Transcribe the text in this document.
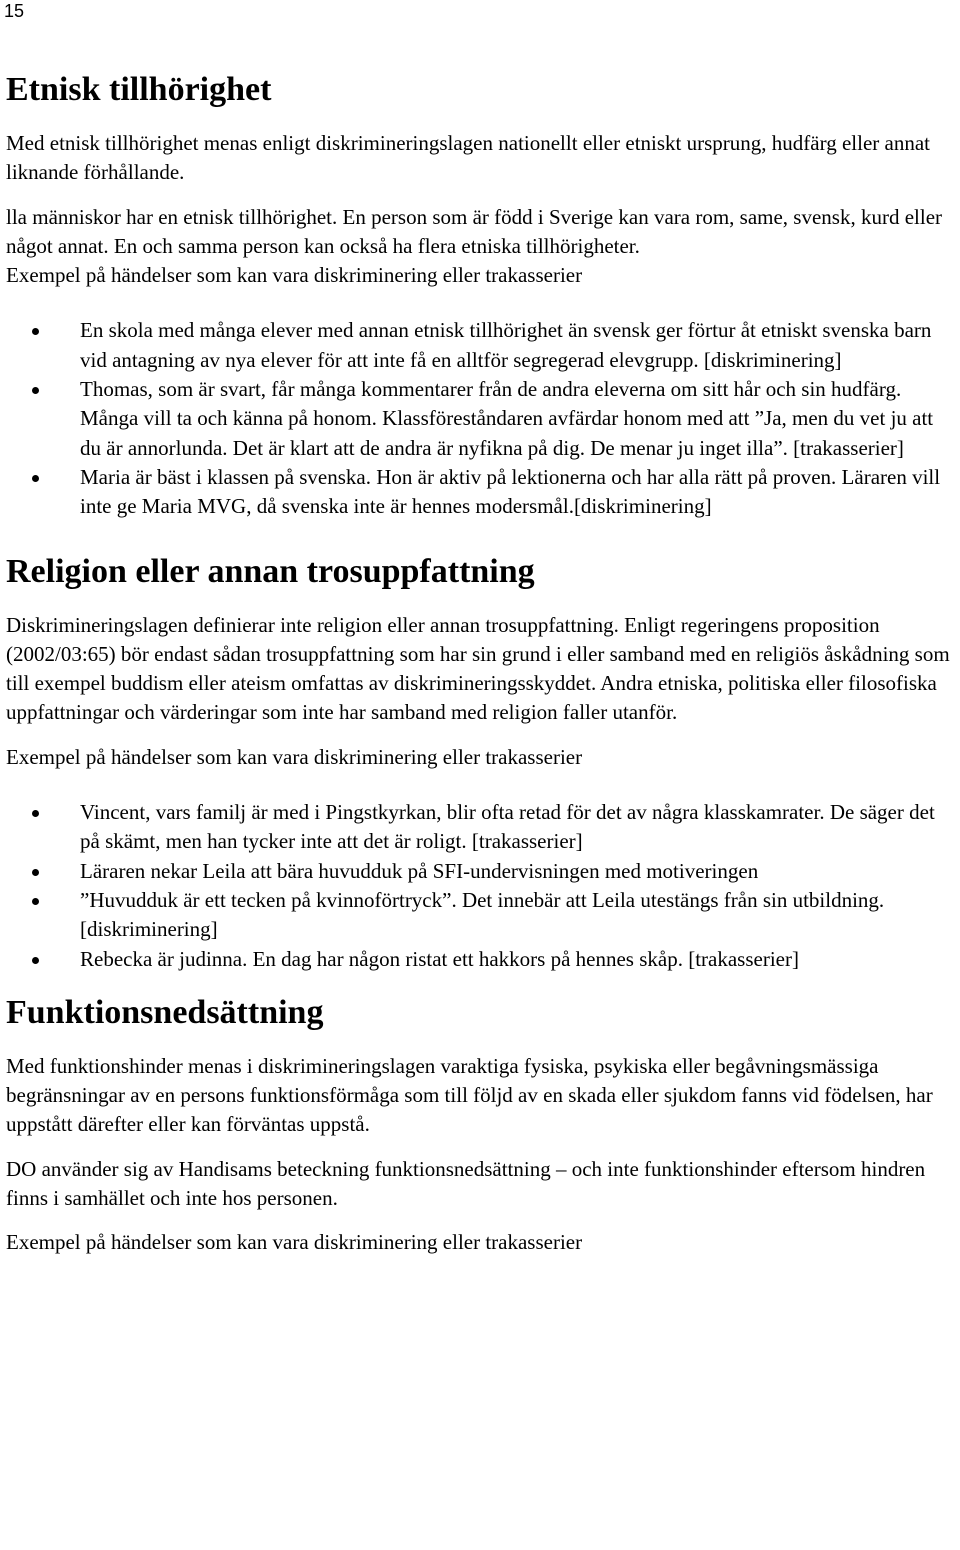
15
Etnisk tillhörighet

Med etnisk tillhörighet menas enligt diskrimineringslagen nationellt eller etniskt ursprung, hudfärg eller annat liknande förhållande.

lla människor har en etnisk tillhörighet. En person som är född i Sverige kan vara rom, same, svensk, kurd eller något annat. En och samma person kan också ha flera etniska tillhörigheter.

Exempel på händelser som kan vara diskriminering eller trakasserier

En skola med många elever med annan etnisk tillhörighet än svensk ger förtur åt etniskt svenska barn vid antagning av nya elever för att inte få en alltför segregerad elevgrupp. [diskriminering]
Thomas, som är svart, får många kommentarer från de andra eleverna om sitt hår och sin hudfärg. Många vill ta och känna på honom. Klassföreståndaren avfärdar honom med att ”Ja, men du vet ju att du är annorlunda. Det är klart att de andra är nyfikna på dig. De menar ju inget illa”. [trakasserier]
Maria är bäst i klassen på svenska. Hon är aktiv på lektionerna och har alla rätt på proven. Läraren vill inte ge Maria MVG, då svenska inte är hennes modersmål.[diskriminering]
Religion eller annan trosuppfattning

Diskrimineringslagen definierar inte religion eller annan trosuppfattning. Enligt regeringens proposition (2002/03:65) bör endast sådan trosuppfattning som har sin grund i eller samband med en religiös åskådning som till exempel buddism eller ateism omfattas av diskrimineringsskyddet. Andra etniska, politiska eller filosofiska uppfattningar och värderingar som inte har samband med religion faller utanför.

Exempel på händelser som kan vara diskriminering eller trakasserier

Vincent, vars familj är med i Pingstkyrkan, blir ofta retad för det av några klasskamrater. De säger det på skämt, men han tycker inte att det är roligt. [trakasserier]
Läraren nekar Leila att bära huvudduk på SFI-undervisningen med motiveringen
”Huvudduk är ett tecken på kvinnoförtryck”. Det innebär att Leila utestängs från sin utbildning. [diskriminering]
Rebecka är judinna. En dag har någon ristat ett hakkors på hennes skåp. [trakasserier]
Funktionsnedsättning

Med funktionshinder menas i diskrimineringslagen varaktiga fysiska, psykiska eller begåvningsmässiga begränsningar av en persons funktionsförmåga som till följd av en skada eller sjukdom fanns vid födelsen, har uppstått därefter eller kan förväntas uppstå.

DO använder sig av Handisams beteckning funktionsnedsättning – och inte funktionshinder eftersom hindren finns i samhället och inte hos personen.

Exempel på händelser som kan vara diskriminering eller trakasserier
